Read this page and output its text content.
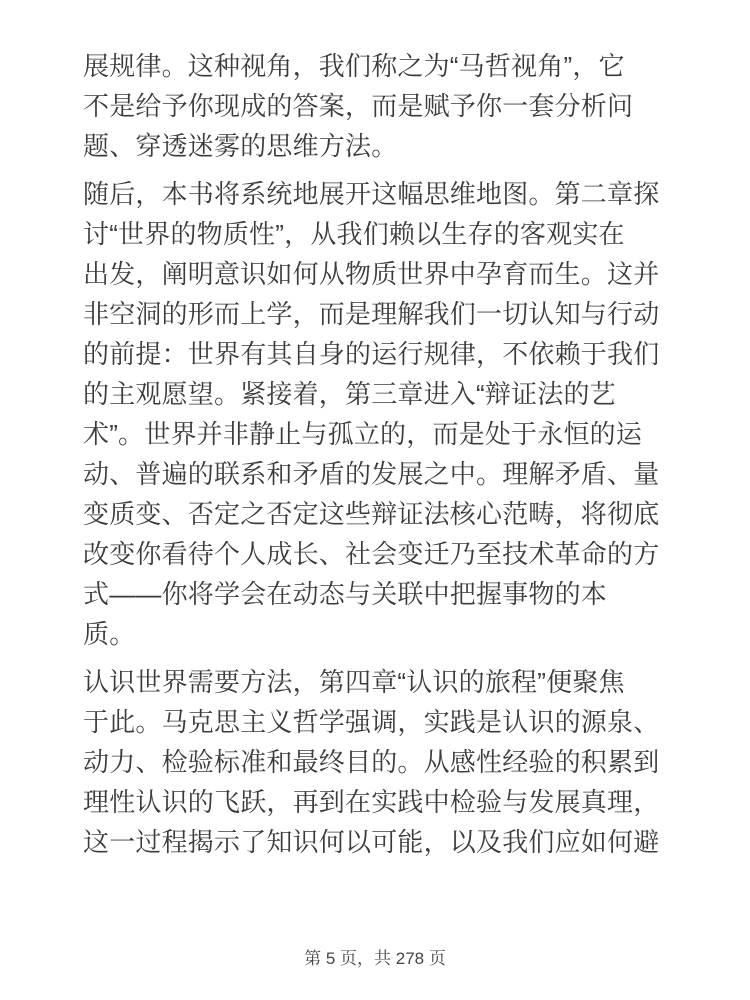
展规律。这种视角，我们称之为“马哲视角”，它
不是给予你现成的答案，而是赋予你一套分析问
题、穿透迷雾的思维方法。
随后，本书将系统地展开这幅思维地图。第二章探
讨“世界的物质性”，从我们赖以生存的客观实在
出发，阐明意识如何从物质世界中孕育而生。这并
非空洞的形而上学，而是理解我们一切认知与行动
的前提：世界有其自身的运行规律，不依赖于我们
的主观愿望。紧接着，第三章进入“辩证法的艺
术”。世界并非静止与孤立的，而是处于永恒的运
动、普遍的联系和矛盾的发展之中。理解矛盾、量
变质变、否定之否定这些辩证法核心范畴，将彻底
改变你看待个人成长、社会变迁乃至技术革命的方
式——你将学会在动态与关联中把握事物的本
质。
认识世界需要方法，第四章“认识的旅程”便聚焦
于此。马克思主义哲学强调，实践是认识的源泉、
动力、检验标准和最终目的。从感性经验的积累到
理性认识的飞跃，再到在实践中检验与发展真理，
这一过程揭示了知识何以可能，以及我们应如何避
第 5 页，共 278 页
